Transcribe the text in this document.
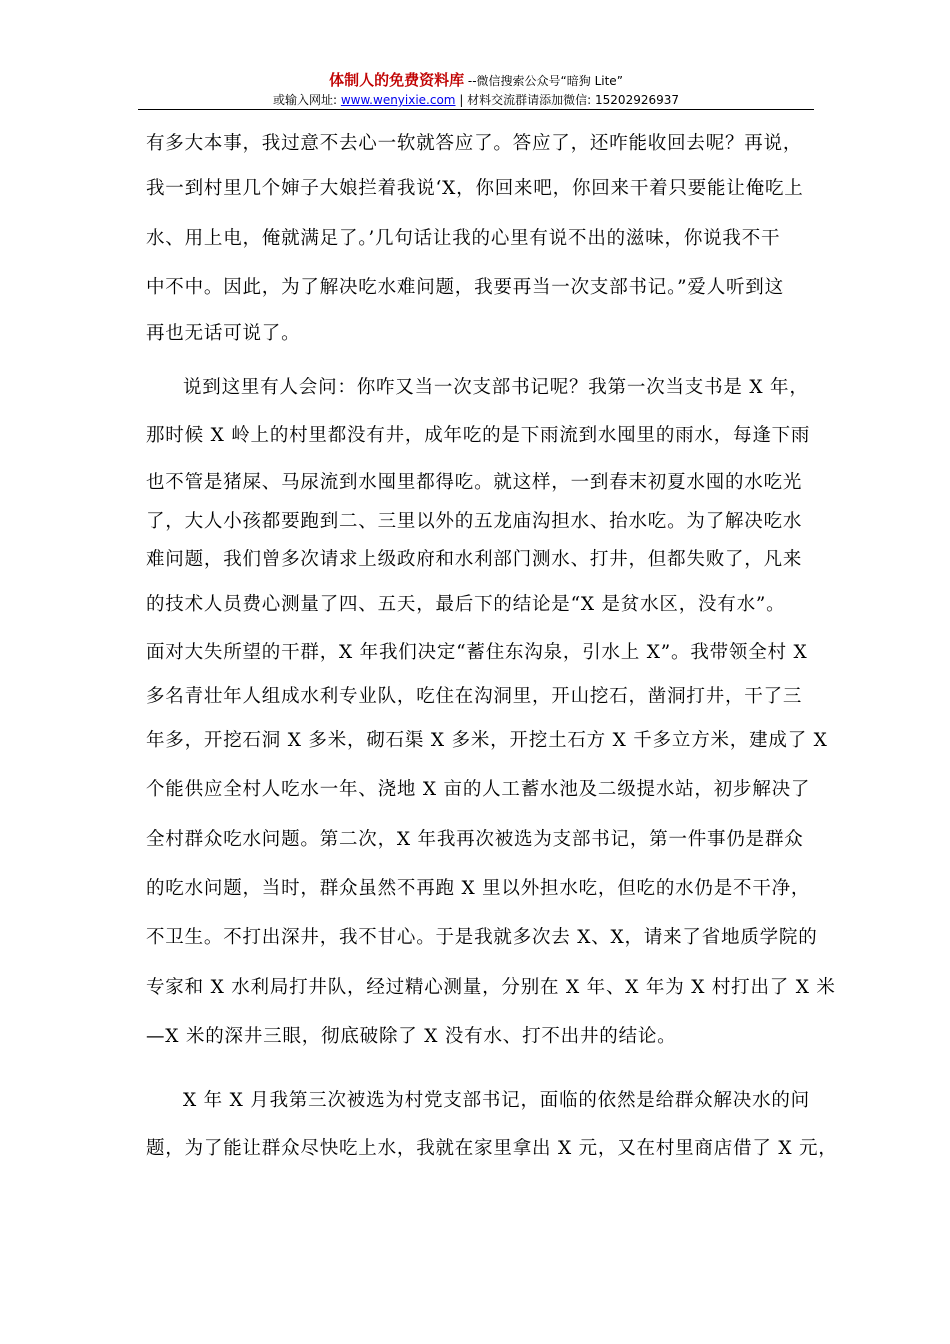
体制人的免费资料库 --微信搜索公众号“暗狗 Lite”
或输入网址: www.wenyixie.com | 材料交流群请添加微信: 15202926937
有多大本事，我过意不去心一软就答应了。答应了，还咋能收回去呢？再说，
我一到村里几个婶子大娘拦着我说‘X，你回来吧，你回来干着只要能让俺吃上
水、用上电，俺就满足了。’几句话让我的心里有说不出的滋味，你说我不干
中不中。因此，为了解决吃水难问题，我要再当一次支部书记。”爱人听到这
再也无话可说了。
说到这里有人会问：你咋又当一次支部书记呢？我第一次当支书是 X 年，
那时候 X 岭上的村里都没有井，成年吃的是下雨流到水囤里的雨水，每逢下雨
也不管是猪屎、马尿流到水囤里都得吃。就这样，一到春末初夏水囤的水吃光
了，大人小孩都要跑到二、三里以外的五龙庙沟担水、抬水吃。为了解决吃水
难问题，我们曾多次请求上级政府和水利部门测水、打井，但都失败了，凡来
的技术人员费心测量了四、五天，最后下的结论是“X 是贫水区，没有水”。
面对大失所望的干群，X 年我们决定“蓄住东沟泉，引水上 X”。我带领全村 X
多名青壮年人组成水利专业队，吃住在沟洞里，开山挖石，凿洞打井，干了三
年多，开挖石洞 X 多米，砌石渠 X 多米，开挖土石方 X 千多立方米，建成了 X
个能供应全村人吃水一年、浇地 X 亩的人工蓄水池及二级提水站，初步解决了
全村群众吃水问题。第二次，X 年我再次被选为支部书记，第一件事仍是群众
的吃水问题，当时，群众虽然不再跑 X 里以外担水吃，但吃的水仍是不干净，
不卫生。不打出深井，我不甘心。于是我就多次去 X、X，请来了省地质学院的
专家和 X 水利局打井队，经过精心测量，分别在 X 年、X 年为 X 村打出了 X 米
—X 米的深井三眼，彻底破除了 X 没有水、打不出井的结论。
X 年 X 月我第三次被选为村党支部书记，面临的依然是给群众解决水的问
题，为了能让群众尽快吃上水，我就在家里拿出 X 元，又在村里商店借了 X 元，
